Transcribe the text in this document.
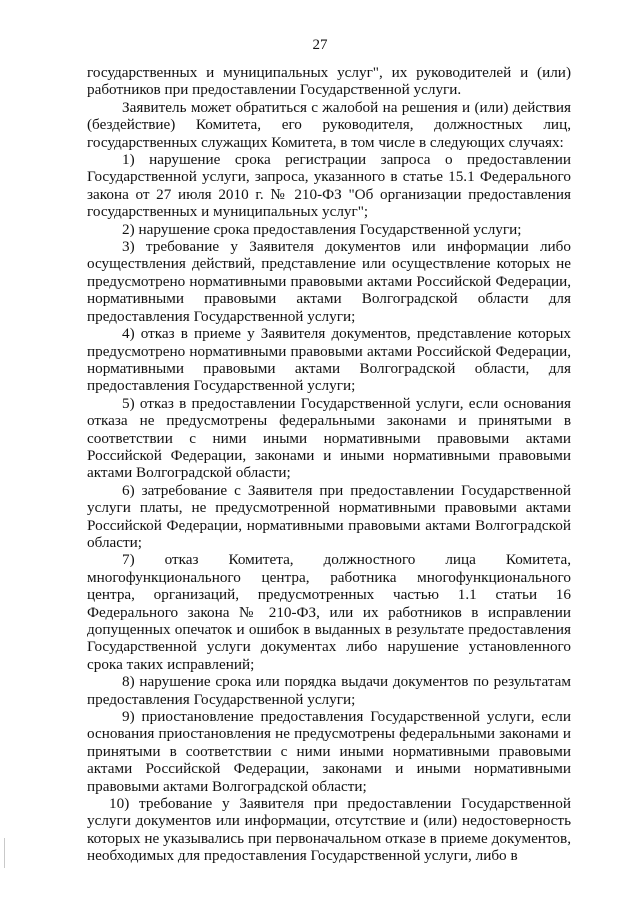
27

государственных и муниципальных услуг", их руководителей и (или) работников при предоставлении Государственной услуги.

Заявитель может обратиться с жалобой на решения и (или) действия (бездействие) Комитета, его руководителя, должностных лиц, государственных служащих Комитета, в том числе в следующих случаях:

1) нарушение срока регистрации запроса о предоставлении Государственной услуги, запроса, указанного в статье 15.1 Федерального закона от 27 июля 2010 г. № 210-ФЗ "Об организации предоставления государственных и муниципальных услуг";

2) нарушение срока предоставления Государственной услуги;

3) требование у Заявителя документов или информации либо осуществления действий, представление или осуществление которых не предусмотрено нормативными правовыми актами Российской Федерации, нормативными правовыми актами Волгоградской области для предоставления Государственной услуги;

4) отказ в приеме у Заявителя документов, представление которых предусмотрено нормативными правовыми актами Российской Федерации, нормативными правовыми актами Волгоградской области, для предоставления Государственной услуги;

5) отказ в предоставлении Государственной услуги, если основания отказа не предусмотрены федеральными законами и принятыми в соответствии с ними иными нормативными правовыми актами Российской Федерации, законами и иными нормативными правовыми актами Волгоградской области;

6) затребование с Заявителя при предоставлении Государственной услуги платы, не предусмотренной нормативными правовыми актами Российской Федерации, нормативными правовыми актами Волгоградской области;

7) отказ Комитета, должностного лица Комитета, многофункционального центра, работника многофункционального центра, организаций, предусмотренных частью 1.1 статьи 16 Федерального закона № 210-ФЗ, или их работников в исправлении допущенных опечаток и ошибок в выданных в результате предоставления Государственной услуги документах либо нарушение установленного срока таких исправлений;

8) нарушение срока или порядка выдачи документов по результатам предоставления Государственной услуги;

9) приостановление предоставления Государственной услуги, если основания приостановления не предусмотрены федеральными законами и принятыми в соответствии с ними иными нормативными правовыми актами Российской Федерации, законами и иными нормативными правовыми актами Волгоградской области;

10) требование у Заявителя при предоставлении Государственной услуги документов или информации, отсутствие и (или) недостоверность которых не указывались при первоначальном отказе в приеме документов, необходимых для предоставления Государственной услуги, либо в
